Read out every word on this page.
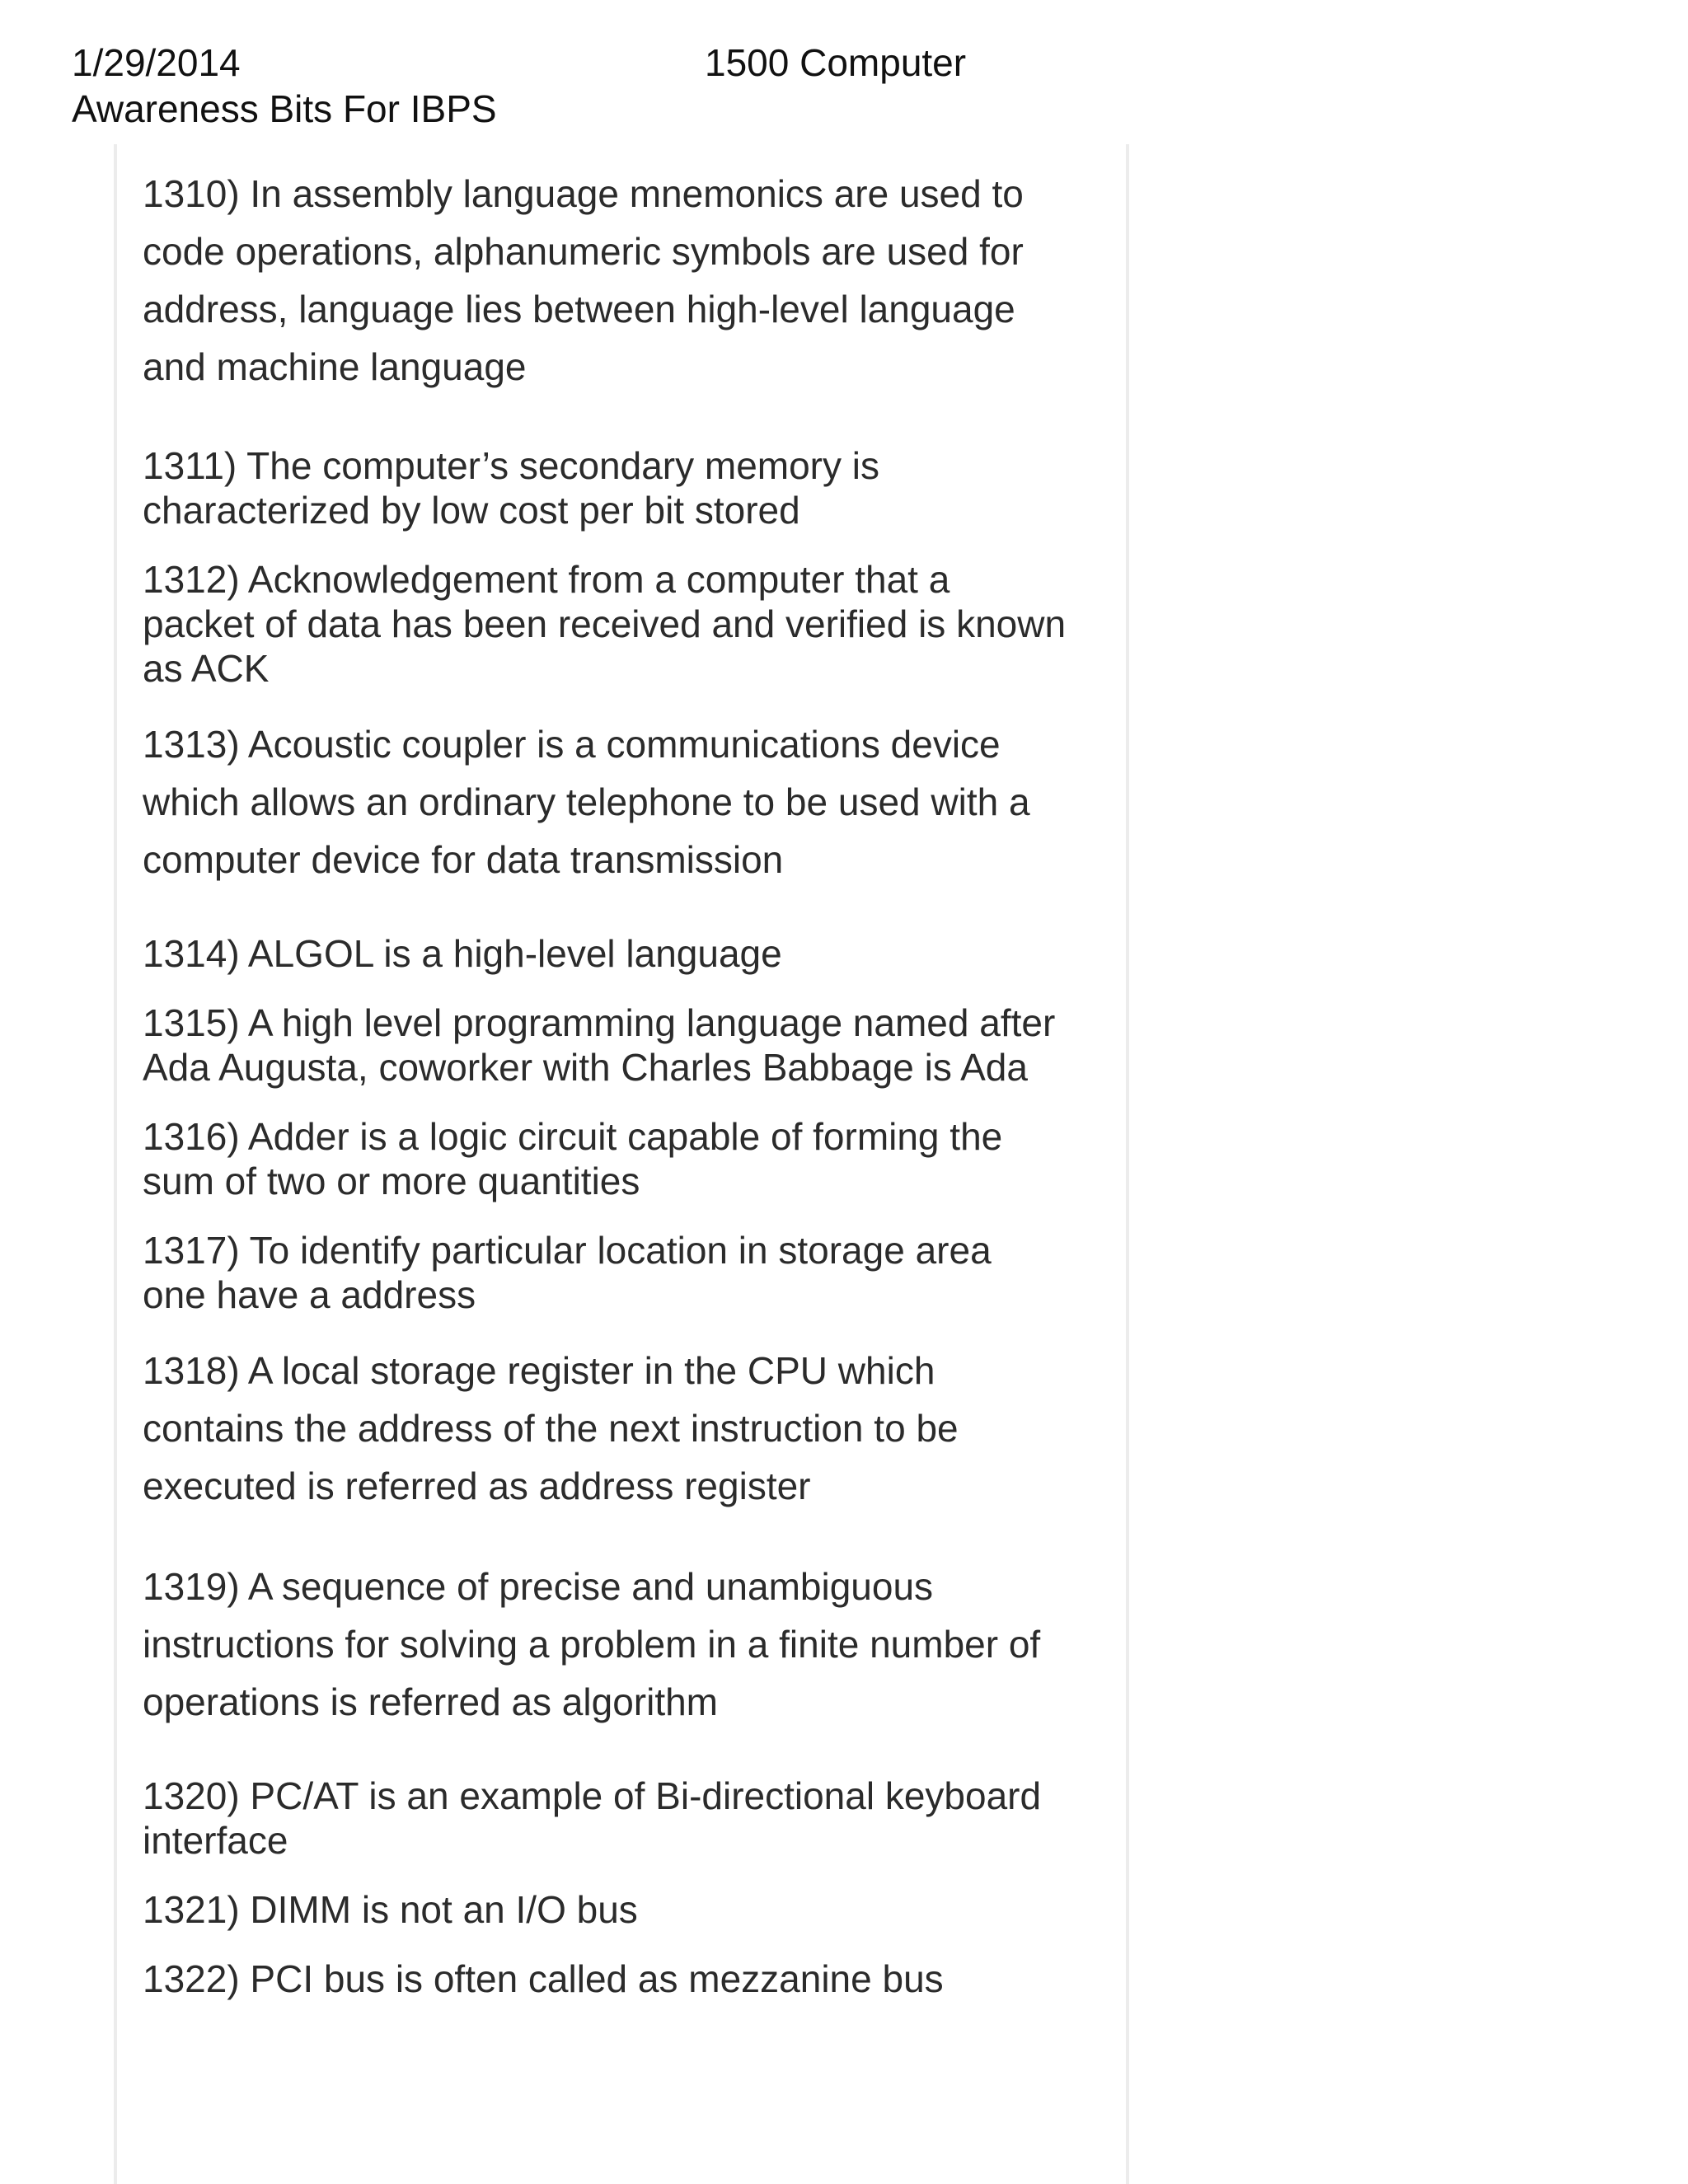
1/29/2014	1500 Computer
Awareness Bits For IBPS
1310) In assembly language mnemonics are used to
code operations, alphanumeric symbols are used for
address, language lies between high-level language
and machine language
1311) The computer’s secondary memory is
characterized by low cost per bit stored
1312) Acknowledgement from a computer that a
packet of data has been received and verified is known
as ACK
1313) Acoustic coupler is a communications device
which allows an ordinary telephone to be used with a
computer device for data transmission
1314) ALGOL is a high-level language
1315) A high level programming language named after
Ada Augusta, coworker with Charles Babbage is Ada
1316) Adder is a logic circuit capable of forming the
sum of two or more quantities
1317) To identify particular location in storage area
one have a address
1318) A local storage register in the CPU which
contains the address of the next instruction to be
executed is referred as address register
1319) A sequence of precise and unambiguous
instructions for solving a problem in a finite number of
operations is referred as algorithm
1320) PC/AT is an example of Bi-directional keyboard
interface
1321) DIMM is not an I/O bus
1322) PCI bus is often called as mezzanine bus
